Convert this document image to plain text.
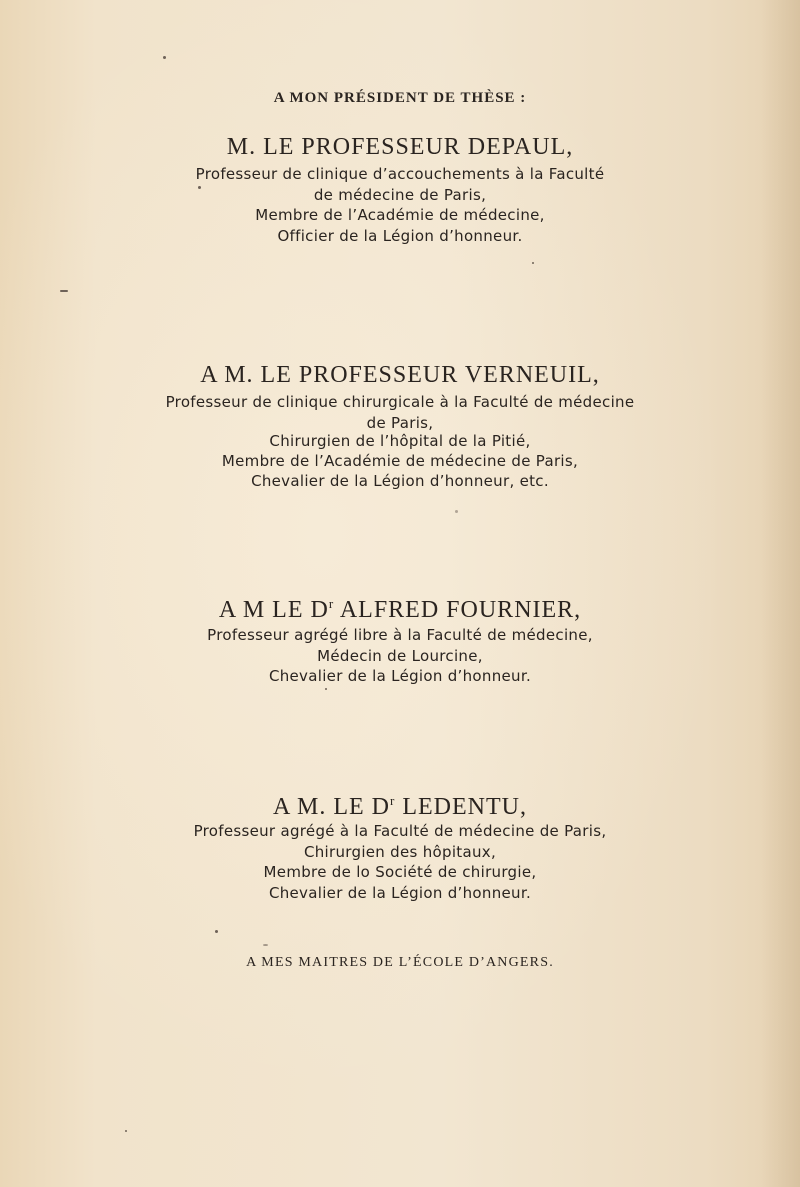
A MON PRÉSIDENT DE THÈSE :
M. LE PROFESSEUR DEPAUL,
Professeur de clinique d’accouchements à la Faculté
de médecine de Paris,
Membre de l’Académie de médecine,
Officier de la Légion d’honneur.
A M. LE PROFESSEUR VERNEUIL,
Professeur de clinique chirurgicale à la Faculté de médecine
de Paris,
Chirurgien de l’hôpital de la Pitié,
Membre de l’Académie de médecine de Paris,
Chevalier de la Légion d’honneur, etc.
A M LE $D^r$ ALFRED FOURNIER,
Professeur agrégé libre à la Faculté de médecine,
Médecin de Lourcine,
Chevalier de la Légion d’honneur.
A M. LE $D^r$ LEDENTU,
Professeur agrégé à la Faculté de médecine de Paris,
Chirurgien des hôpitaux,
Membre de lo Société de chirurgie,
Chevalier de la Légion d’honneur.
A MES MAITRES DE L’ÉCOLE D’ANGERS.
